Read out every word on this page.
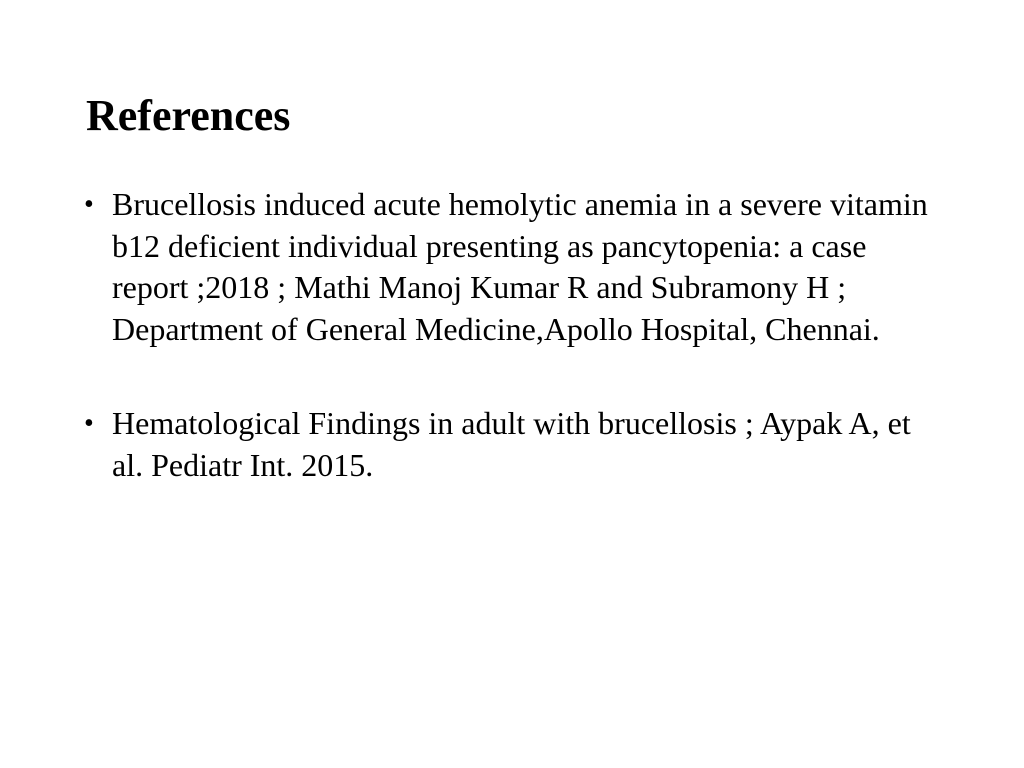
References
• Brucellosis induced acute hemolytic anemia in a severe vitamin b12 deficient individual presenting as pancytopenia: a case report ;2018 ; Mathi Manoj Kumar R and Subramony H ; Department of General Medicine,Apollo Hospital, Chennai.
• Hematological Findings in adult with brucellosis ; Aypak A, et al. Pediatr Int. 2015.
